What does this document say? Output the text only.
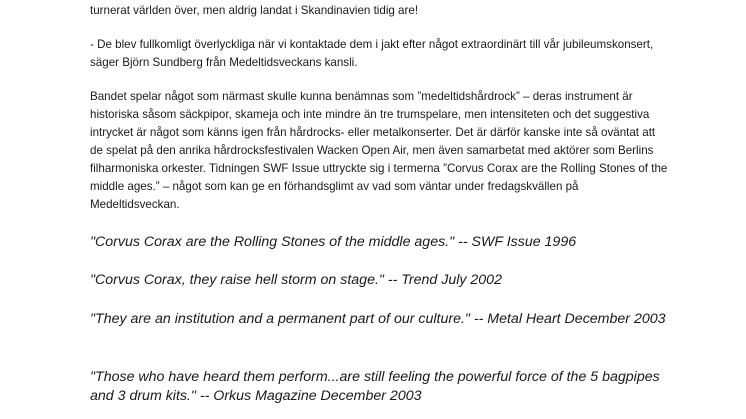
turnerat världen över, men aldrig landat i Skandinavien tidig are!

- De blev fullkomligt överlyckliga när vi kontaktade dem i jakt efter något extraordinärt till vår jubileumskonsert, säger Björn Sundberg från Medeltidsveckans kansli.

Bandet spelar något som närmast skulle kunna benämnas som ”medeltidshårdrock” – deras instrument är historiska såsom säckpipor, skameja och inte mindre än tre trumspelare, men intensiteten och det suggestiva intrycket är något som känns igen från hårdrocks- eller metalkonserter. Det är därför kanske inte så oväntat att de spelat på den anrika hårdrocksfestivalen Wacken Open Air, men även samarbetat med aktörer som Berlins filharmoniska orkester. Tidningen SWF Issue uttryckte sig i termerna ”Corvus Corax are the Rolling Stones of the middle ages.” – något som kan ge en förhandsglimt av vad som väntar under fredagskvällen på Medeltidsveckan.

"Corvus Corax are the Rolling Stones of the middle ages." -- SWF Issue 1996

"Corvus Corax, they raise hell storm on stage." -- Trend July 2002

"They are an institution and a permanent part of our culture." -- Metal Heart December 2003

"Those who have heard them perform...are still feeling the powerful force of the 5 bagpipes and 3 drum kits." -- Orkus Magazine December 2003
